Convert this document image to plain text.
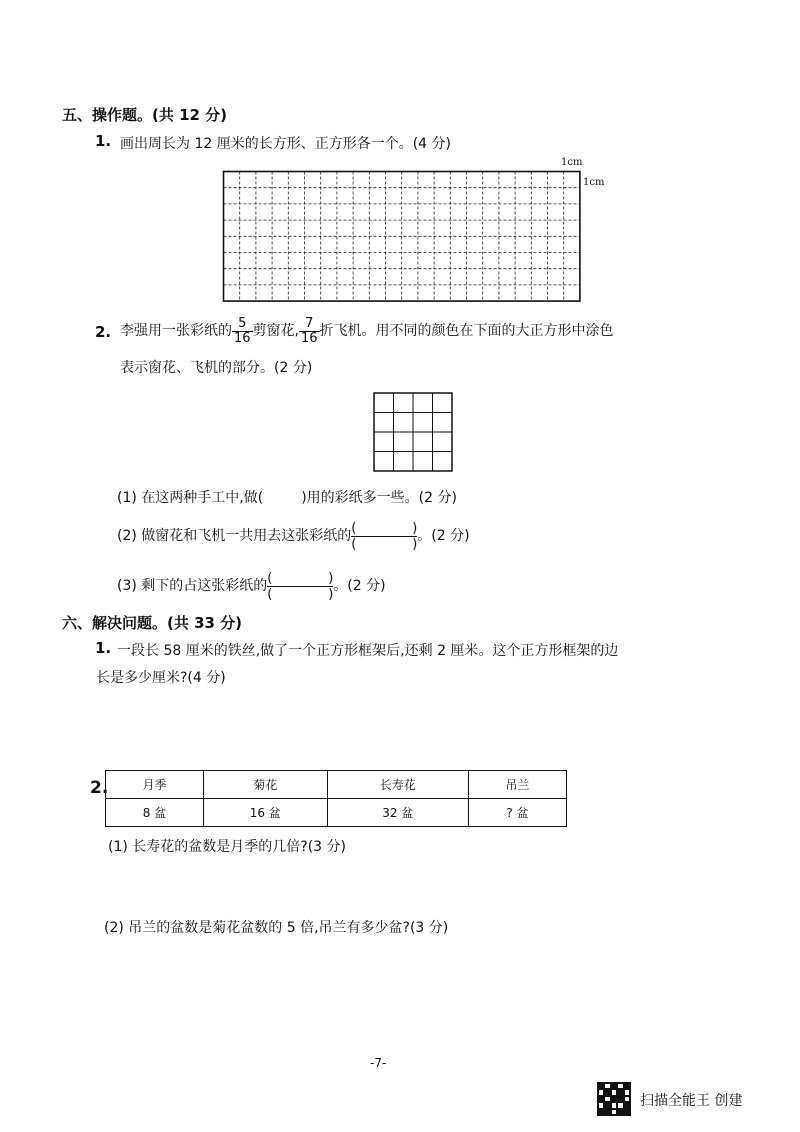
五、操作题。(共 12 分)
1. 画出周长为 12 厘米的长方形、正方形各一个。(4 分)
1cm
1cm
2. 李强用一张彩纸的 $\frac{5}{16}$ 剪窗花, $\frac{7}{16}$ 折飞机。用不同的颜色在下面的大正方形中涂色
表示窗花、飞机的部分。(2 分)
(1) 在这两种手工中,做(	)用的彩纸多一些。(2 分)
(2) 做窗花和飞机一共用去这张彩纸的 (	)
(	) 。(2 分)
(3) 剩下的占这张彩纸的 (	)
(	) 。(2 分)
六、解决问题。(共 33 分)
1. 一段长 58 厘米的铁丝,做了一个正方形框架后,还剩 2 厘米。这个正方形框架的边
长是多少厘米?(4 分)
2.	月季	菊花	长寿花	吊兰
8 盆	16 盆	32 盆	? 盆
(1) 长寿花的盆数是月季的几倍?(3 分)
(2) 吊兰的盆数是菊花盆数的 5 倍,吊兰有多少盆?(3 分)
-7-
扫描全能王 创建
